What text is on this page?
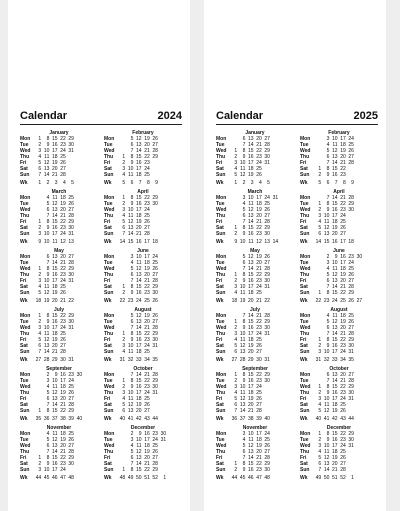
Calendar	2024
January
Mon	1	8 15 22 29
Tue	2	9 16 23 30
Wed	3 10 17 24 31
Thu	4 11 18 25
Fri	5 12 19 26
Sat	6 13 20 27
Sun	7 14 21 28
Wk	1	2	3	4	5
February
Mon	5 12 19 26
Tue	6 13 20 27
Wed	7 14 21 28
Thu	1	8 15 22 29
Fri	2	9 16 23
Sat	3 10 17 24
Sun	4 11 18 25
Wk	5	6	7	8	9
March
Mon	4 11 18 25
Tue	5 12 19 26
Wed	6 13 20 27
Thu	7 14 21 28
Fri	1	8 15 22 29
Sat	2	9 16 23 30
Sun	3 10 17 24 31
Wk	9 10 11 12 13
April
Mon	1	8 15 22 29
Tue	2	9 16 23 30
Wed	3 10 17 24
Thu	4 11 18 25
Fri	5 12 19 26
Sat	6 13 20 27
Sun	7 14 21 28
Wk	14 15 16 17 18
May
Mon	6 13 20 27
Tue	7 14 21 28
Wed	1	8 15 22 29
Thu	2	9 16 23 30
Fri	3 10 17 24 31
Sat	4 11 18 25
Sun	5 12 19 26
Wk	18 19 20 21 22
June
Mon	3 10 17 24
Tue	4 11 18 25
Wed	5 12 19 26
Thu	6 13 20 27
Fri	7 14 21 28
Sat	1	8 15 22 29
Sun	2	9 16 23 30
Wk	22 23 24 25 26
July
Mon	1	8 15 22 29
Tue	2	9 16 23 30
Wed	3 10 17 24 31
Thu	4 11 18 25
Fri	5 12 19 26
Sat	6 13 20 27
Sun	7 14 21 28
Wk	27 28 29 30 31
August
Mon	5 12 19 26
Tue	6 13 20 27
Wed	7 14 21 28
Thu	1	8 15 22 29
Fri	2	9 16 23 30
Sat	3 10 17 24 31
Sun	4 11 18 25
Wk	31 32 33 34 35
September
Mon	2	9 16 23 30
Tue	3 10 17 24
Wed	4 11 18 25
Thu	5 12 19 26
Fri	6 13 20 27
Sat	7 14 21 28
Sun	1	8 15 22 29
Wk	35 36 37 38 39 40
October
Mon	7 14 21 28
Tue	1	8 15 22 29
Wed	2	9 16 23 30
Thu	3 10 17 24 31
Fri	4 11 18 25
Sat	5 12 19 26
Sun	6 13 20 27
Wk	40 41 42 43 44
November
Mon	4 11 18 25
Tue	5 12 19 26
Wed	6 13 20 27
Thu	7 14 21 28
Fri	1	8 15 22 29
Sat	2	9 16 23 30
Sun	3 10 17 24
Wk	44 45 46 47 48
December
Mon	2	9 16 23 30
Tue	3 10 17 24 31
Wed	4 11 18 25
Thu	5 12 19 26
Fri	6 13 20 27
Sat	7 14 21 28
Sun	1	8 15 22 29
Wk	48 49 50 51 52	1
Calendar	2025
January
Mon	6 13 20 27
Tue	7 14 21 28
Wed	1	8 15 22 29
Thu	2	9 16 23 30
Fri	3 10 17 24 31
Sat	4 11 18 25
Sun	5 12 19 26
Wk	1	2	3	4	5
February
Mon	3 10 17 24
Tue	4 11 18 25
Wed	5 12 19 26
Thu	6 13 20 27
Fri	7 14 21 28
Sat	1	8 15 22
Sun	2	9 16 23
Wk	5	6	7	8	9
March
Mon	3 10 17 24 31
Tue	4 11 18 25
Wed	5 12 19 26
Thu	6 13 20 27
Fri	7 14 21 28
Sat	1	8 15 22 29
Sun	2	9 16 23 30
Wk	9 10 11 12 13 14
April
Mon	7 14 21 28
Tue	1	8 15 22 29
Wed	2	9 16 23 30
Thu	3 10 17 24
Fri	4 11 18 25
Sat	5 12 19 26
Sun	6 13 20 27
Wk	14 15 16 17 18
May
Mon	5 12 19 26
Tue	6 13 20 27
Wed	7 14 21 28
Thu	1	8 15 22 29
Fri	2	9 16 23 30
Sat	3 10 17 24 31
Sun	4 11 18 25
Wk	18 19 20 21 22
June
Mon	2	9 16 23 30
Tue	3 10 17 24
Wed	4 11 18 25
Thu	5 12 19 26
Fri	6 13 20 27
Sat	7 14 21 28
Sun	1	8 15 22 29
Wk	22 23 24 25 26 27
July
Mon	7 14 21 28
Tue	1	8 15 22 29
Wed	2	9 16 23 30
Thu	3 10 17 24 31
Fri	4 11 18 25
Sat	5 12 19 26
Sun	6 13 20 27
Wk	27 28 29 30 31
August
Mon	4 11 18 25
Tue	5 12 19 26
Wed	6 13 20 27
Thu	7 14 21 28
Fri	1	8 15 22 29
Sat	2	9 16 23 30
Sun	3 10 17 24 31
Wk	31 32 33 34 35
September
Mon	1	8 15 22 29
Tue	2	9 16 23 30
Wed	3 10 17 24
Thu	4 11 18 25
Fri	5 12 19 26
Sat	6 13 20 27
Sun	7 14 21 28
Wk	36 37 38 39 40
October
Mon	6 13 20 27
Tue	7 14 21 28
Wed	1	8 15 22 29
Thu	2	9 16 23 30
Fri	3 10 17 24 31
Sat	4 11 18 25
Sun	5 12 19 26
Wk	40 41 42 43 44
November
Mon	3 10 17 24
Tue	4 11 18 25
Wed	5 12 19 26
Thu	6 13 20 27
Fri	7 14 21 28
Sat	1	8 15 22 29
Sun	2	9 16 23 30
Wk	44 45 46 47 48
December
Mon	1	8 15 22 29
Tue	2	9 16 23 30
Wed	3 10 17 24 31
Thu	4 11 18 25
Fri	5 12 19 26
Sat	6 13 20 27
Sun	7 14 21 28
Wk	49 50 51 52	1
